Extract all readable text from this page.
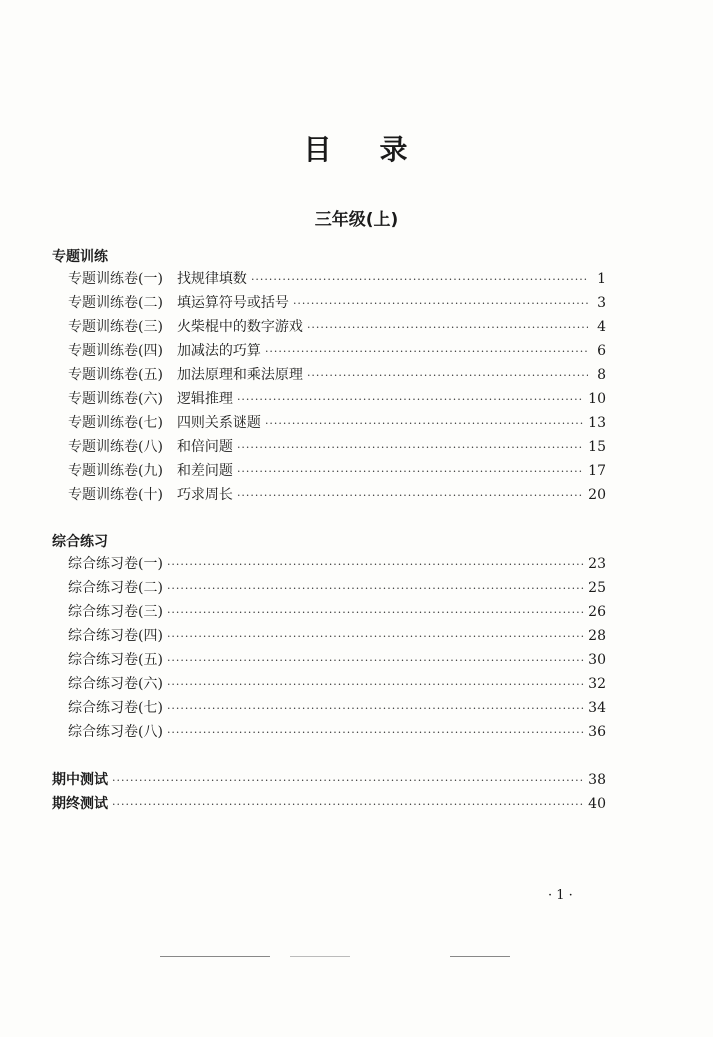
目 录
三年级(上)
专题训练
专题训练卷(一) 找规律填数 ·····	1
专题训练卷(二) 填运算符号或括号 ·····	3
专题训练卷(三) 火柴棍中的数字游戏 ·····	4
专题训练卷(四) 加减法的巧算 ·····	6
专题训练卷(五) 加法原理和乘法原理 ·····	8
专题训练卷(六) 逻辑推理 ·····	10
专题训练卷(七) 四则关系谜题 ·····	13
专题训练卷(八) 和倍问题 ·····	15
专题训练卷(九) 和差问题 ·····	17
专题训练卷(十) 巧求周长 ·····	20
综合练习
综合练习卷(一) ·····	23
综合练习卷(二) ·····	25
综合练习卷(三) ·····	26
综合练习卷(四) ·····	28
综合练习卷(五) ·····	30
综合练习卷(六) ·····	32
综合练习卷(七) ·····	34
综合练习卷(八) ·····	36
期中测试 ·····	38
期终测试 ·····	40
· 1 ·
